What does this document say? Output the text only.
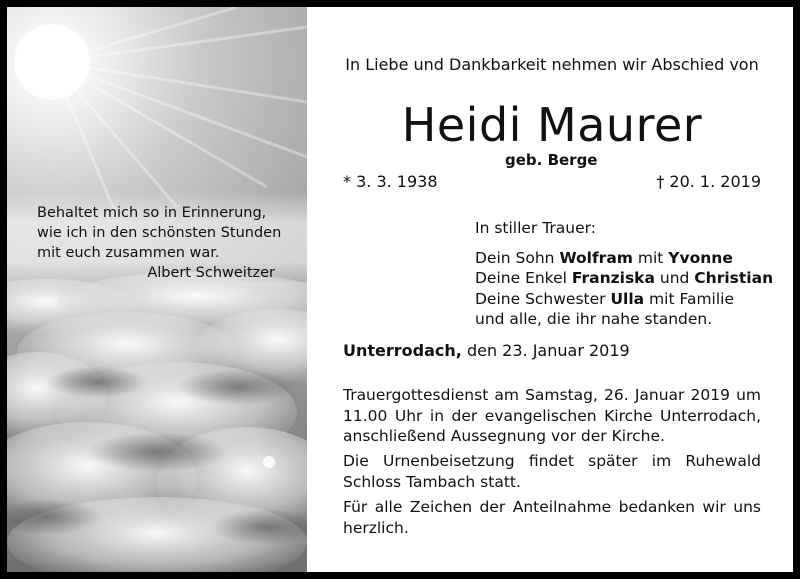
Behaltet mich so in Erinnerung,
wie ich in den schönsten Stunden
mit euch zusammen war.
Albert Schweitzer
In Liebe und Dankbarkeit nehmen wir Abschied von
Heidi Maurer
geb. Berge
* 3. 3. 1938	† 20. 1. 2019
In stiller Trauer:
Dein Sohn Wolfram mit Yvonne
Deine Enkel Franziska und Christian
Deine Schwester Ulla mit Familie
und alle, die ihr nahe standen.
Unterrodach, den 23. Januar 2019
Trauergottesdienst am Samstag, 26. Januar 2019 um 11.00 Uhr in der evangelischen Kirche Unterrodach, anschließend Aussegnung vor der Kirche.
Die Urnenbeisetzung findet später im Ruhewald Schloss Tambach statt.
Für alle Zeichen der Anteilnahme bedanken wir uns herzlich.
